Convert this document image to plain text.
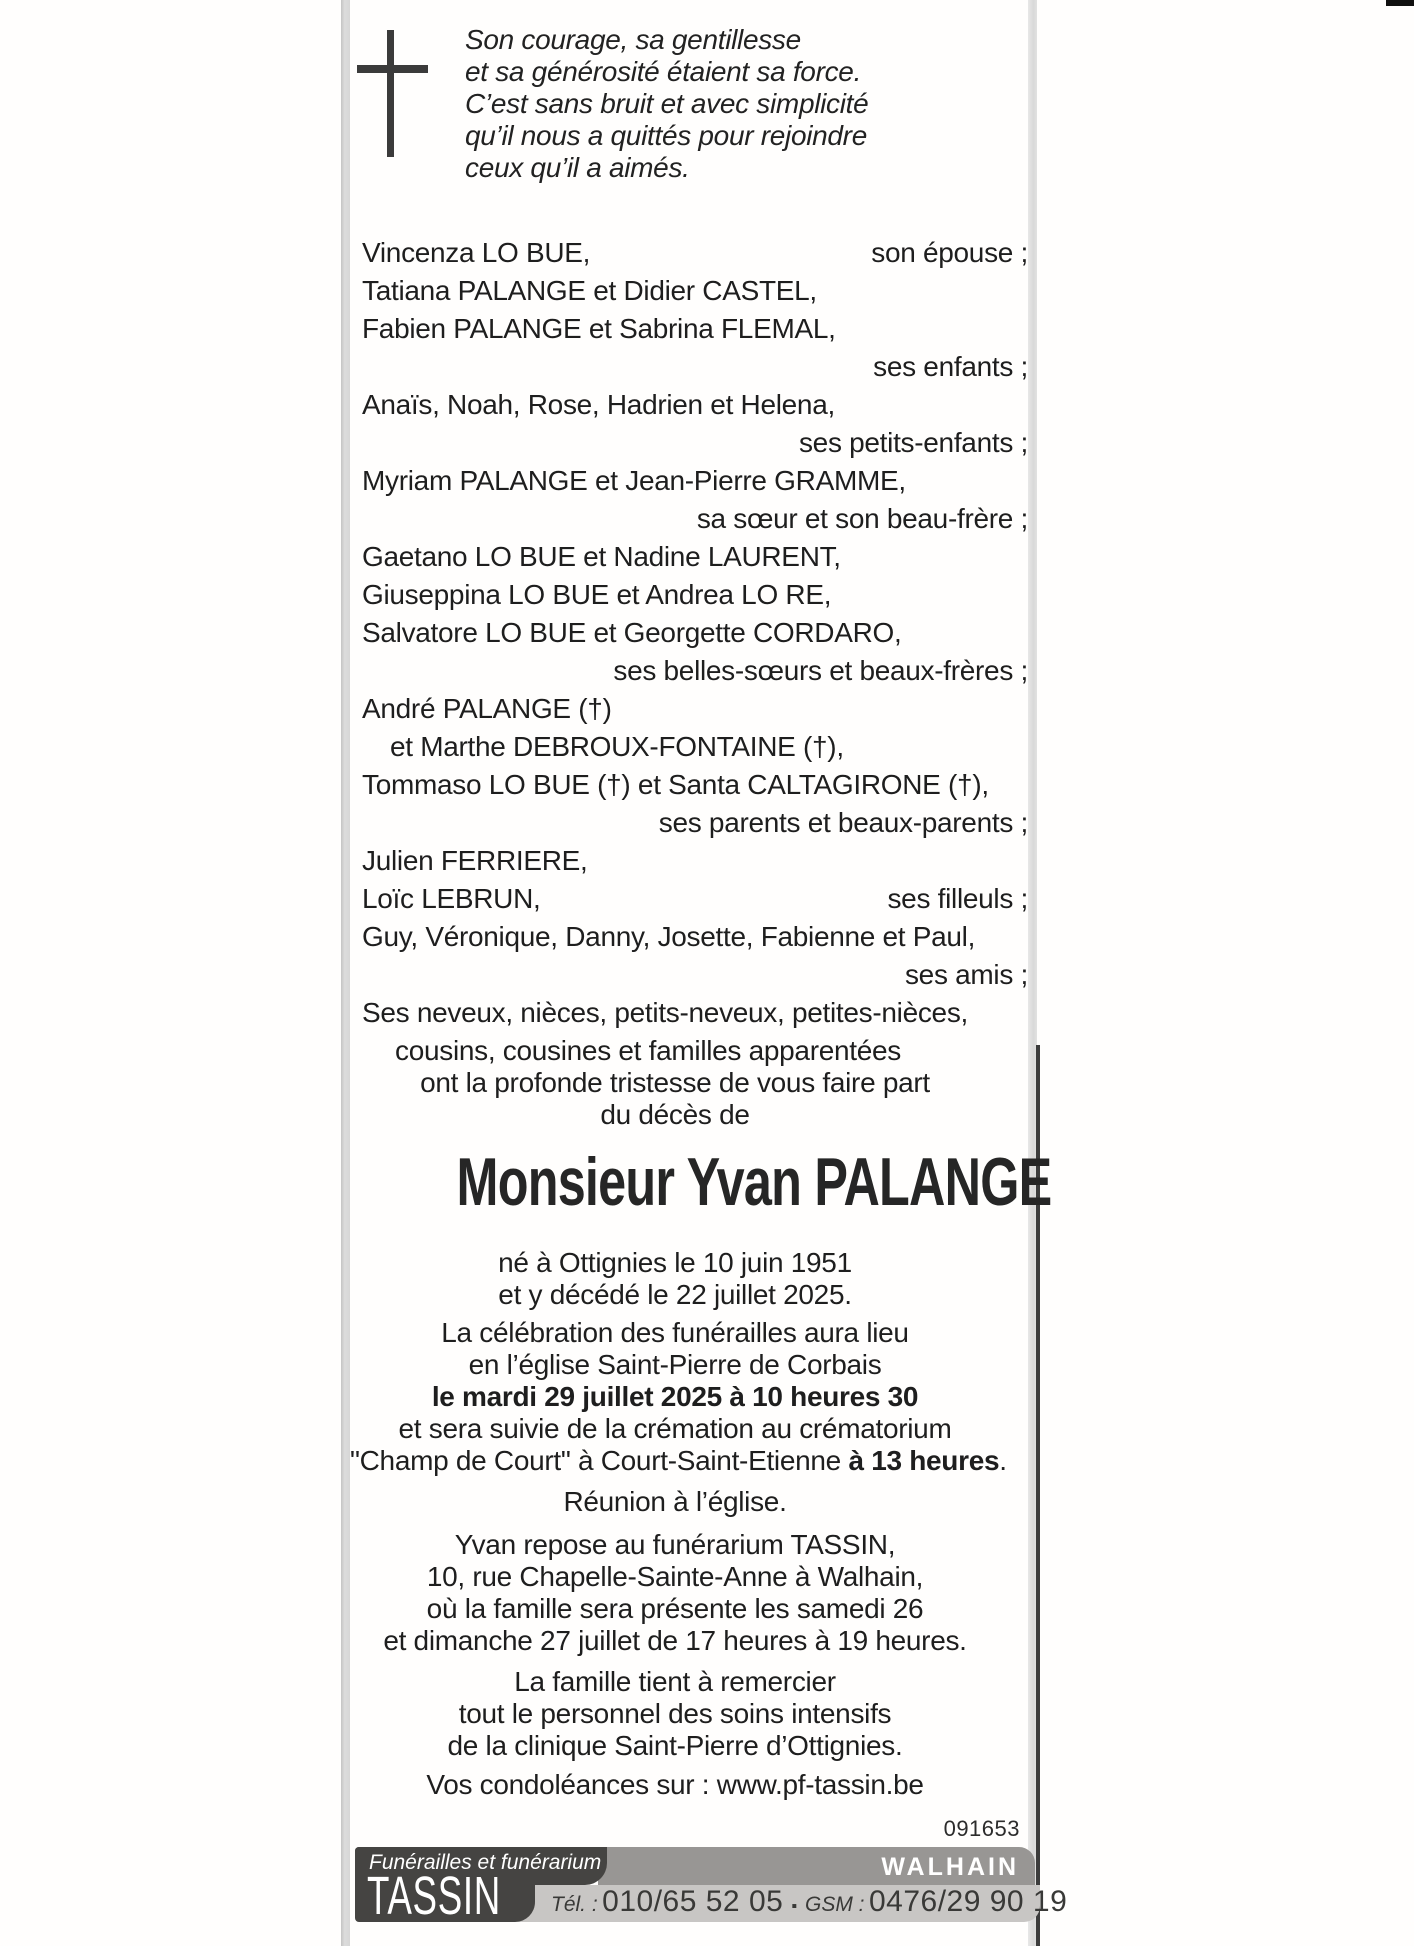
Son courage, sa gentillesse
et sa générosité étaient sa force.
C’est sans bruit et avec simplicité
qu’il nous a quittés pour rejoindre
ceux qu’il a aimés.
Vincenza LO BUE,	son épouse ;
Tatiana PALANGE et Didier CASTEL,
Fabien PALANGE et Sabrina FLEMAL,
ses enfants ;
Anaïs, Noah, Rose, Hadrien et Helena,
ses petits-enfants ;
Myriam PALANGE et Jean-Pierre GRAMME,
sa sœur et son beau-frère ;
Gaetano LO BUE et Nadine LAURENT,
Giuseppina LO BUE et Andrea LO RE,
Salvatore LO BUE et Georgette CORDARO,
ses belles-sœurs et beaux-frères ;
André PALANGE (†)
et Marthe DEBROUX-FONTAINE (†),
Tommaso LO BUE (†) et Santa CALTAGIRONE (†),
ses parents et beaux-parents ;
Julien FERRIERE,
Loïc LEBRUN,	ses filleuls ;
Guy, Véronique, Danny, Josette, Fabienne et Paul,
ses amis ;
Ses neveux, nièces, petits-neveux, petites-nièces,
cousins, cousines et familles apparentées
ont la profonde tristesse de vous faire part
du décès de
Monsieur Yvan PALANGE
né à Ottignies le 10 juin 1951
et y décédé le 22 juillet 2025.
La célébration des funérailles aura lieu
en l’église Saint-Pierre de Corbais
le mardi 29 juillet 2025 à 10 heures 30
et sera suivie de la crémation au crématorium
"Champ de Court" à Court-Saint-Etienne à 13 heures.
Réunion à l’église.
Yvan repose au funérarium TASSIN,
10, rue Chapelle-Sainte-Anne à Walhain,
où la famille sera présente les samedi 26
et dimanche 27 juillet de 17 heures à 19 heures.
La famille tient à remercier
tout le personnel des soins intensifs
de la clinique Saint-Pierre d’Ottignies.
Vos condoléances sur : www.pf-tassin.be
091653
Funérailles et funérarium
TASSIN	WALHAIN
Tél. :
010/65 52 05 ▪ GSM :
0476/29 90 19
